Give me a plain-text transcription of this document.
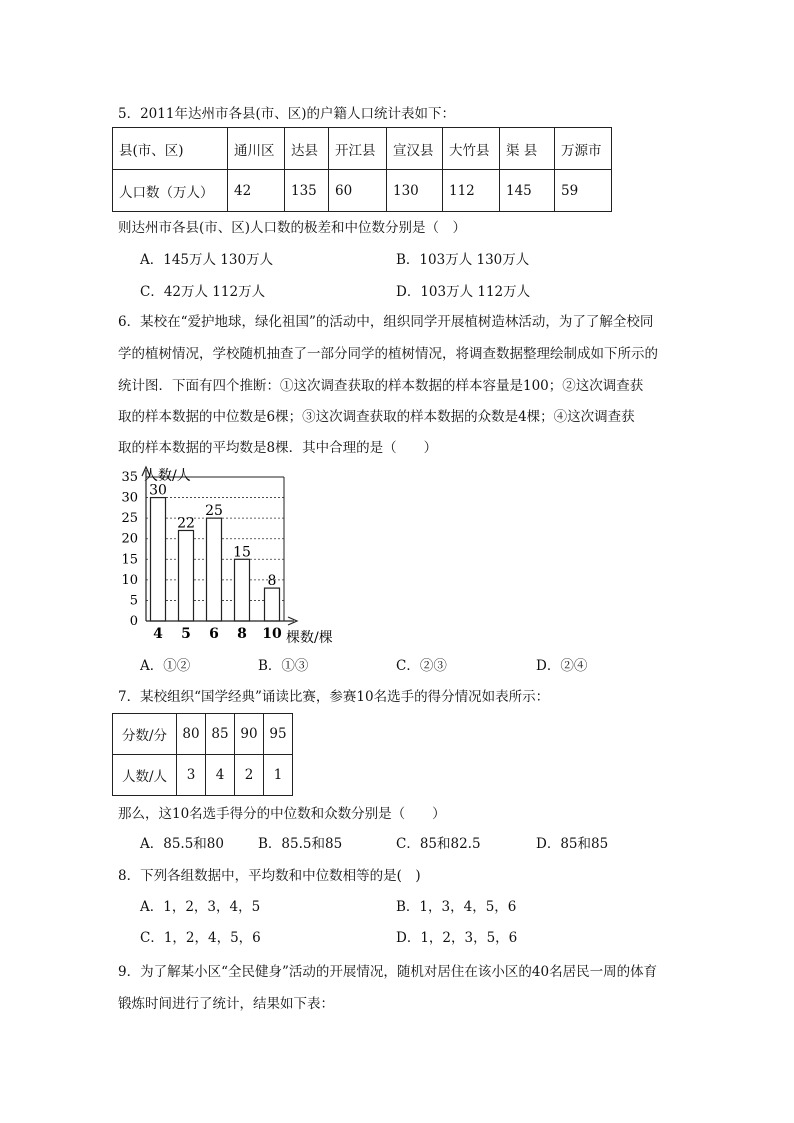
5．2011年达州市各县(市、区)的户籍人口统计表如下：
县(市、区)	通川区	达县	开江县	宣汉县	大竹县	渠 县	万源市
人口数（万人）	42	135	60	130	112	145	59
则达州市各县(市、区)人口数的极差和中位数分别是（　）
A．145万人 130万人	B．103万人 130万人
C．42万人 112万人	D．103万人 112万人
6．某校在“爱护地球，绿化祖国”的活动中，组织同学开展植树造林活动，为了了解全校同
学的植树情况，学校随机抽查了一部分同学的植树情况，将调查数据整理绘制成如下所示的
统计图．下面有四个推断：①这次调查获取的样本数据的样本容量是100；②这次调查获
取的样本数据的中位数是6棵；③这次调查获取的样本数据的众数是4棵；④这次调查获
取的样本数据的平均数是8棵．其中合理的是（　　）
30
22
25
15
8
0
5
10
15
20
25
30
35
4 5 6 8 10
人数/人
棵数/棵
A．①②	B．①③	C．②③	D．②④
7．某校组织“国学经典”诵读比赛，参赛10名选手的得分情况如表所示：
分数/分	80	85	90	95
人数/人	3	4	2	1
那么，这10名选手得分的中位数和众数分别是（　　）
A．85.5和80	B．85.5和85	C．85和82.5	D．85和85
8．下列各组数据中，平均数和中位数相等的是(　)
A．1，2，3，4，5	B．1，3，4，5，6
C．1，2，4，5，6	D．1，2，3，5，6
9．为了解某小区“全民健身”活动的开展情况，随机对居住在该小区的40名居民一周的体育
锻炼时间进行了统计，结果如下表：
